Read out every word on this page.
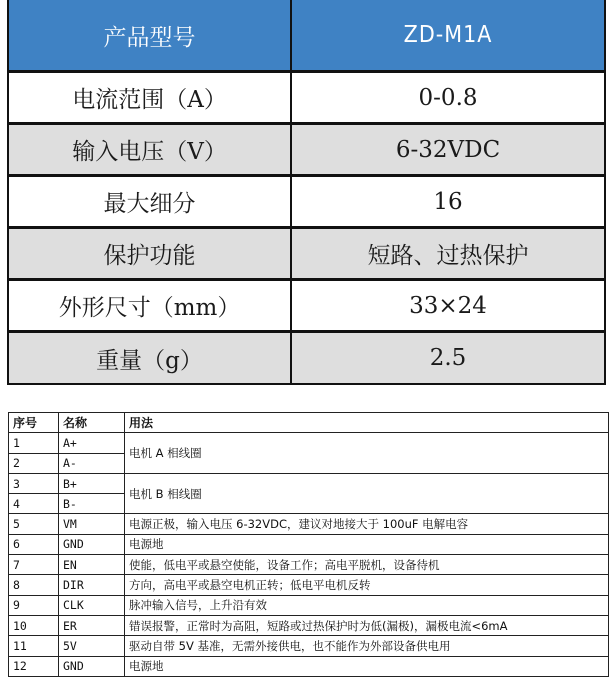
产品型号	ZD-M1A
电流范围（A）	0-0.8
输入电压（V）	6-32VDC
最大细分	16
保护功能	短路、过热保护
外形尺寸（mm）	33×24
重量（g）	2.5
序号	名称	用法
1	A+	电机 A 相线圈
2	A-	
3	B+	电机 B 相线圈
4	B-	
5	VM	电源正极，输入电压 6-32VDC，建议对地接大于 100uF 电解电容
6	GND	电源地
7	EN	使能，低电平或悬空使能，设备工作；高电平脱机，设备待机
8	DIR	方向，高电平或悬空电机正转；低电平电机反转
9	CLK	脉冲输入信号，上升沿有效
10	ER	错误报警，正常时为高阻，短路或过热保护时为低(漏极)，漏极电流<6mA
11	5V	驱动自带 5V 基准，无需外接供电，也不能作为外部设备供电用
12	GND	电源地
